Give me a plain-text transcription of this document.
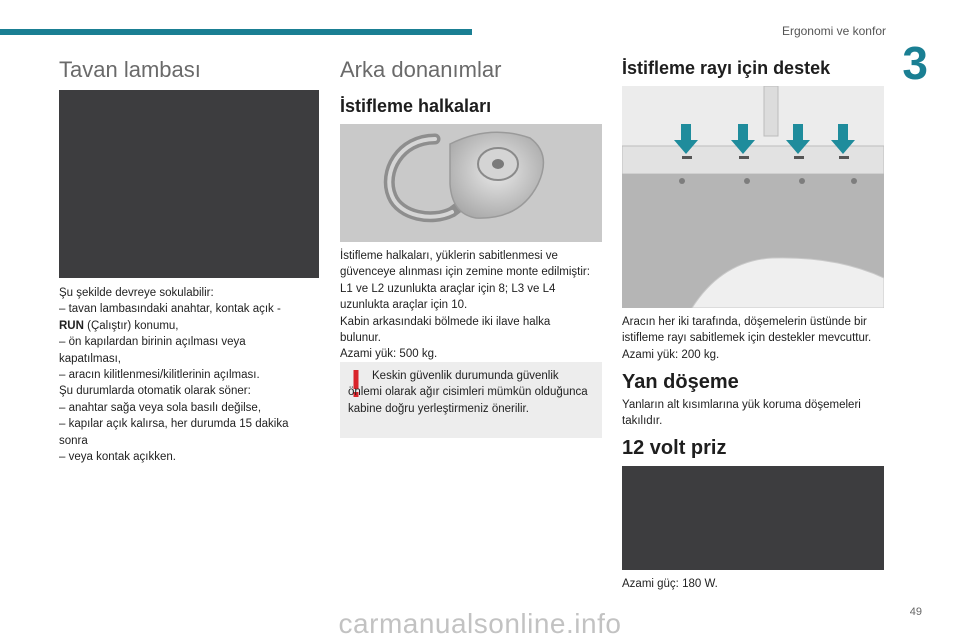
Ergonomi ve konfor
3
Tavan lambası

Şu şekilde devreye sokulabilir:

– tavan lambasındaki anahtar, kontak açık -

RUN (Çalıştır) konumu,

– ön kapılardan birinin açılması veya

kapatılması,

– aracın kilitlenmesi/kilitlerinin açılması.

Şu durumlarda otomatik olarak söner:

– anahtar sağa veya sola basılı değilse,

– kapılar açık kalırsa, her durumda 15 dakika

sonra

– veya kontak açıkken.

Arka donanımlar
İstifleme halkaları

İstifleme halkaları, yüklerin sabitlenmesi ve

güvenceye alınması için zemine monte edilmiştir:

L1 ve L2 uzunlukta araçlar için 8; L3 ve L4

uzunlukta araçlar için 10.

Kabin arkasındaki bölmede iki ilave halka

bulunur.

Azami yük: 500 kg.

Keskin güvenlik durumunda güvenlik önlemi olarak ağır cisimleri mümkün olduğunca kabine doğru yerleştirmeniz önerilir.
İstifleme rayı için destek

Aracın her iki tarafında, döşemelerin üstünde bir

istifleme rayı sabitlemek için destekler mevcuttur.

Azami yük: 200 kg.

Yan döşeme

Yanların alt kısımlarına yük koruma döşemeleri

takılıdır.

12 volt priz

Azami güç: 180 W.

49
carmanualsonline.info
